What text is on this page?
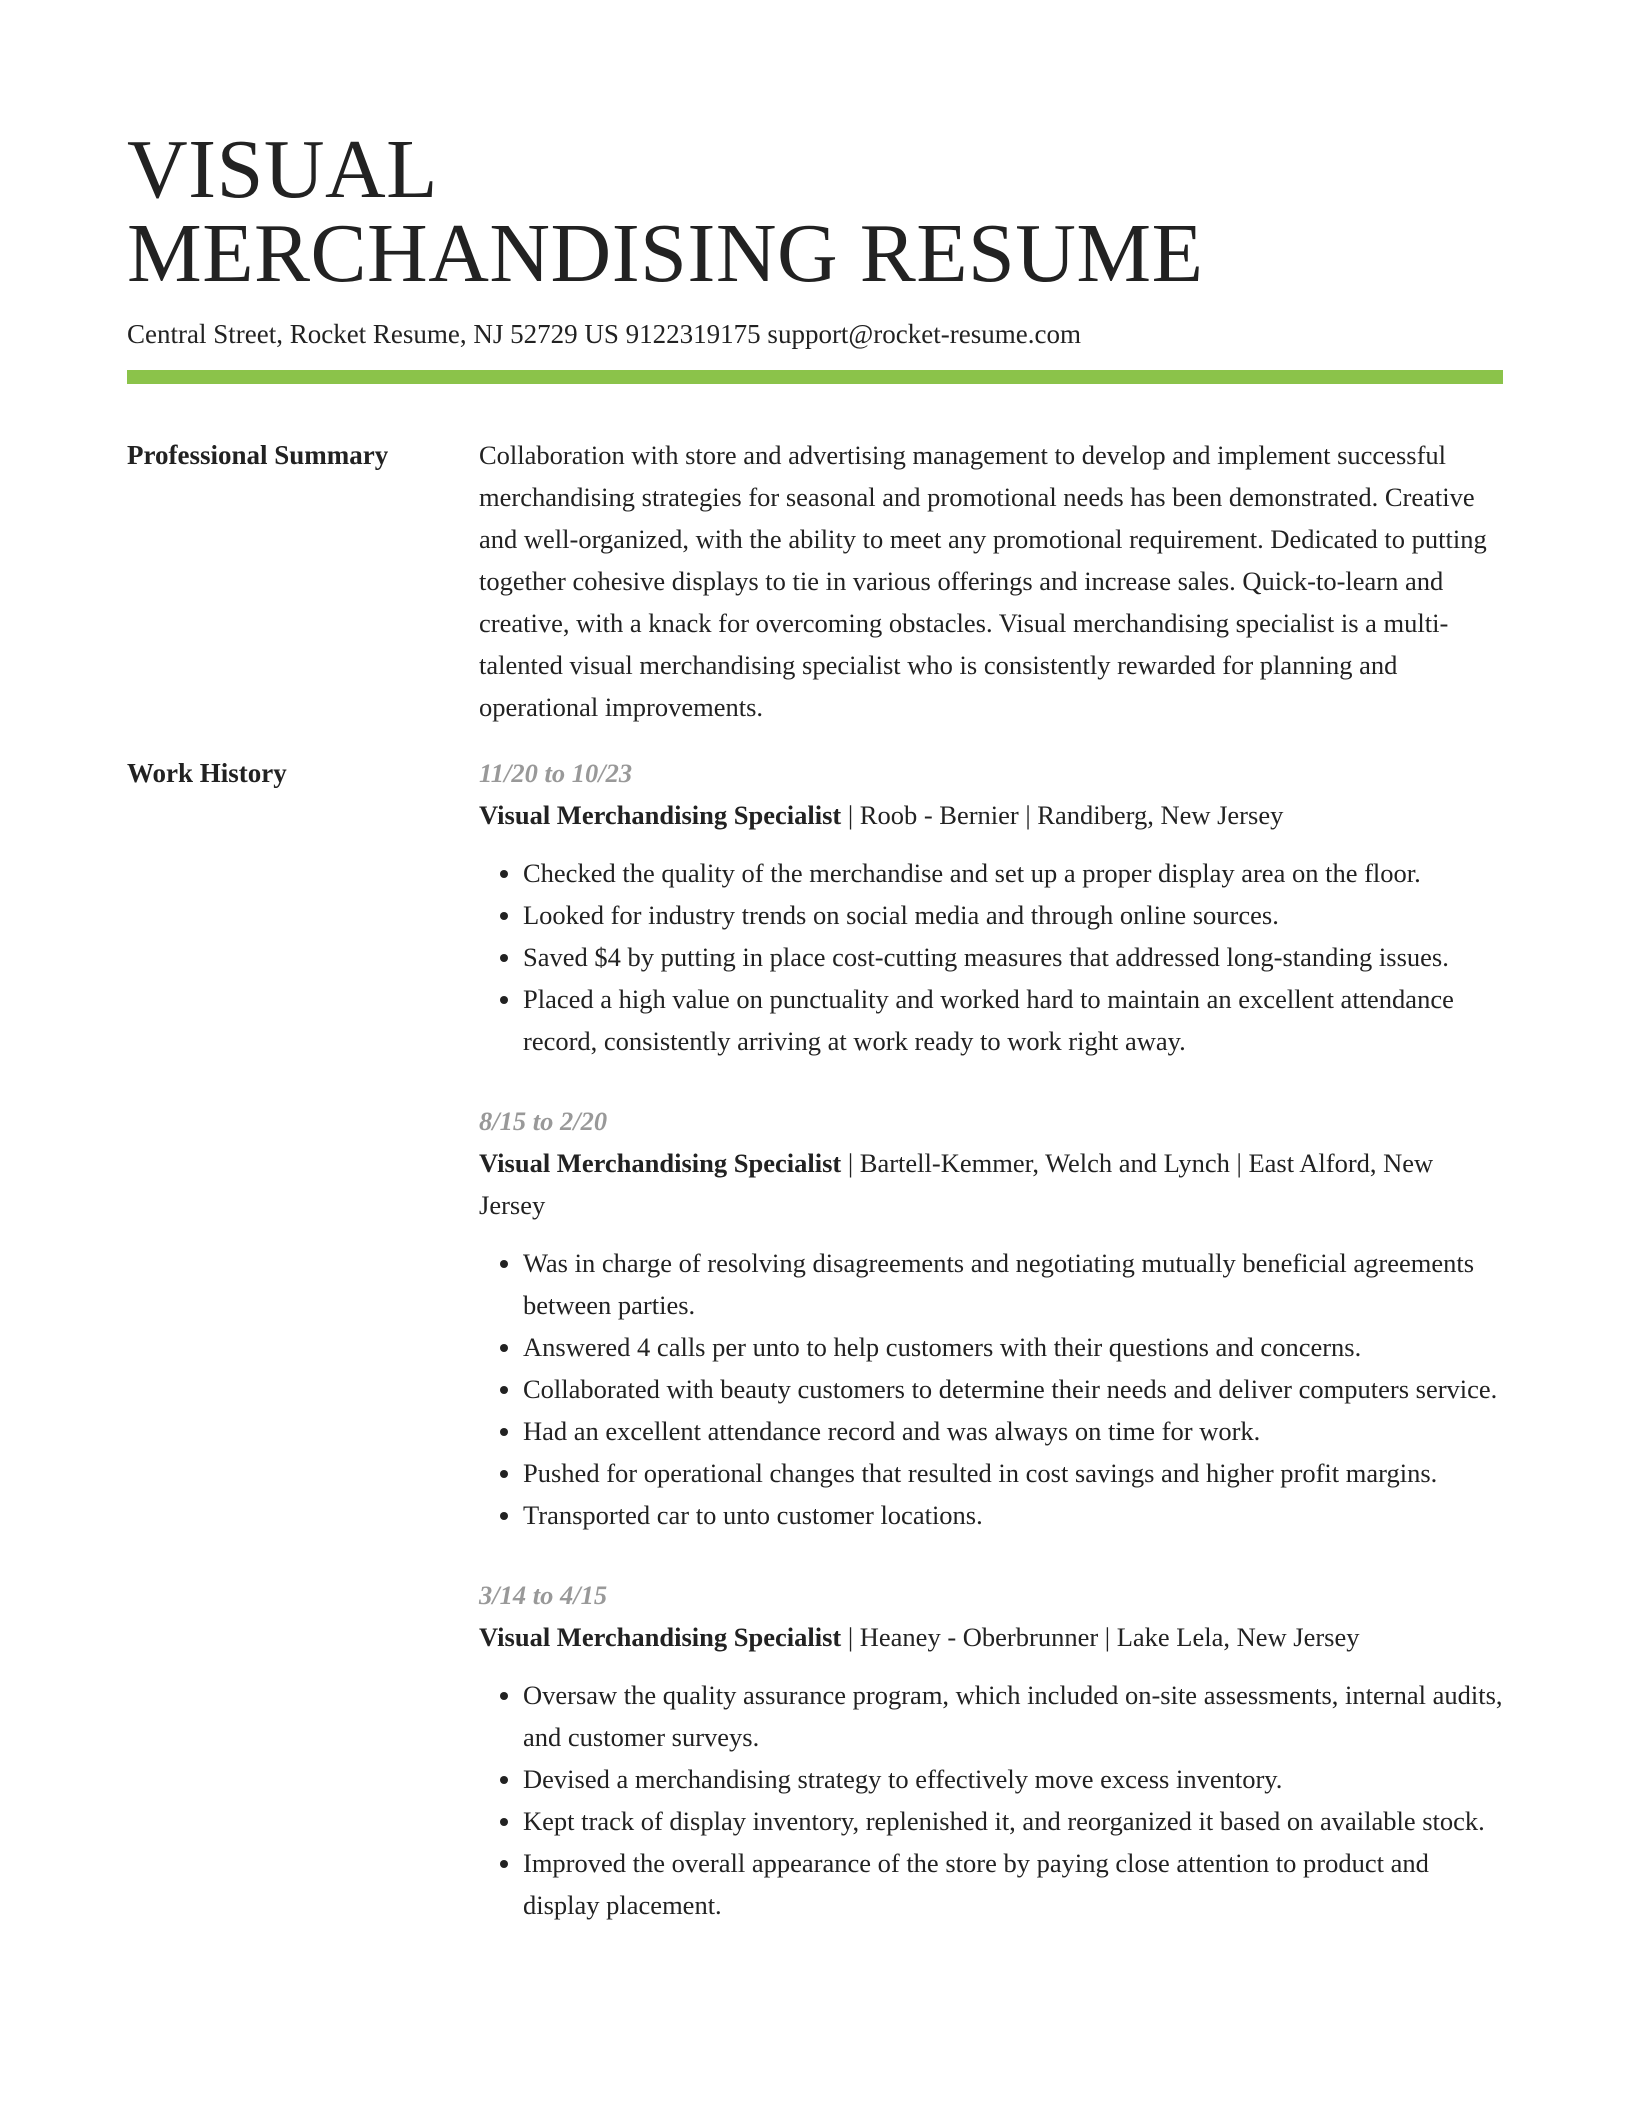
VISUAL
MERCHANDISING RESUME
Central Street, Rocket Resume, NJ 52729 US 9122319175 support@rocket-resume.com
Professional Summary	Collaboration with store and advertising management to develop and implement successful merchandising strategies for seasonal and promotional needs has been demonstrated. Creative and well-organized, with the ability to meet any promotional requirement. Dedicated to putting together cohesive displays to tie in various offerings and increase sales. Quick-to-learn and creative, with a knack for overcoming obstacles. Visual merchandising specialist is a multi-talented visual merchandising specialist who is consistently rewarded for planning and operational improvements.

Work History	11/20 to 10/23
Visual Merchandising Specialist | Roob - Bernier | Randiberg, New Jersey
• Checked the quality of the merchandise and set up a proper display area on the floor.
• Looked for industry trends on social media and through online sources.
• Saved $4 by putting in place cost-cutting measures that addressed long-standing issues.
• Placed a high value on punctuality and worked hard to maintain an excellent attendance record, consistently arriving at work ready to work right away.
8/15 to 2/20
Visual Merchandising Specialist | Bartell-Kemmer, Welch and Lynch | East Alford, New Jersey
• Was in charge of resolving disagreements and negotiating mutually beneficial agreements between parties.
• Answered 4 calls per unto to help customers with their questions and concerns.
• Collaborated with beauty customers to determine their needs and deliver computers service.
• Had an excellent attendance record and was always on time for work.
• Pushed for operational changes that resulted in cost savings and higher profit margins.
• Transported car to unto customer locations.
3/14 to 4/15
Visual Merchandising Specialist | Heaney - Oberbrunner | Lake Lela, New Jersey
• Oversaw the quality assurance program, which included on-site assessments, internal audits, and customer surveys.
• Devised a merchandising strategy to effectively move excess inventory.
• Kept track of display inventory, replenished it, and reorganized it based on available stock.
• Improved the overall appearance of the store by paying close attention to product and display placement.
